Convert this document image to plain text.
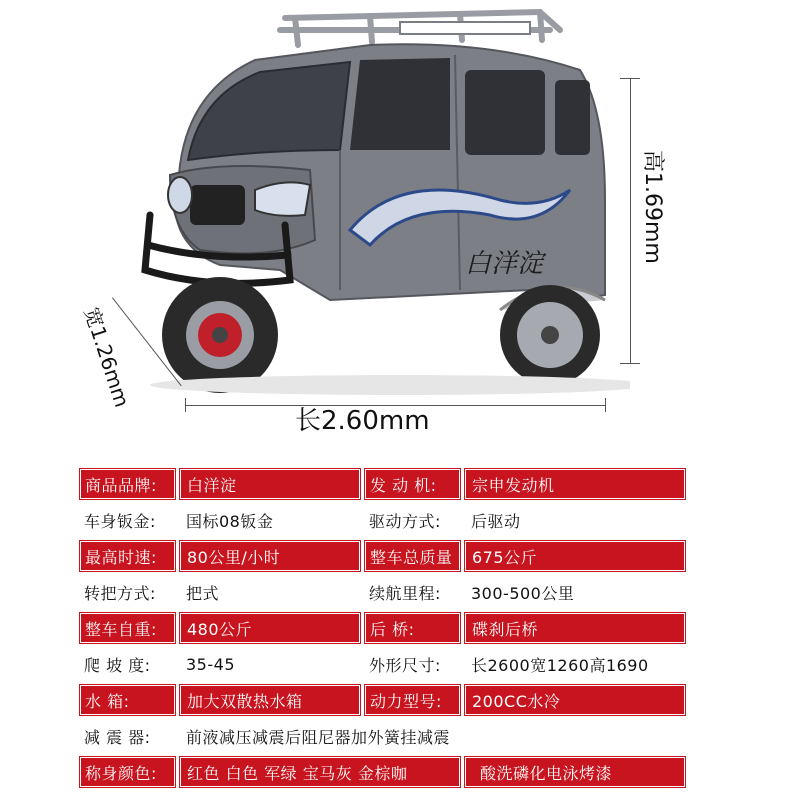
白洋淀
长2.60mm
高1.69mm
宽1.26mm
商品品牌:	白洋淀	发 动 机:	宗申发动机
车身钣金:	国标08钣金	驱动方式:	后驱动
最高时速:	80公里/小时	整车总质量	675公斤
转把方式:	把式	续航里程:	300-500公里
整车自重:	480公斤	后 桥:	碟刹后桥
爬 坡 度:	35-45	外形尺寸:	长2600宽1260高1690
水 箱:	加大双散热水箱	动力型号:	200CC水冷
减 震 器:	前液减压减震后阻尼器加外簧挂减震
称身颜色:	红色 白色 军绿 宝马灰 金棕咖	酸洗磷化电泳烤漆
